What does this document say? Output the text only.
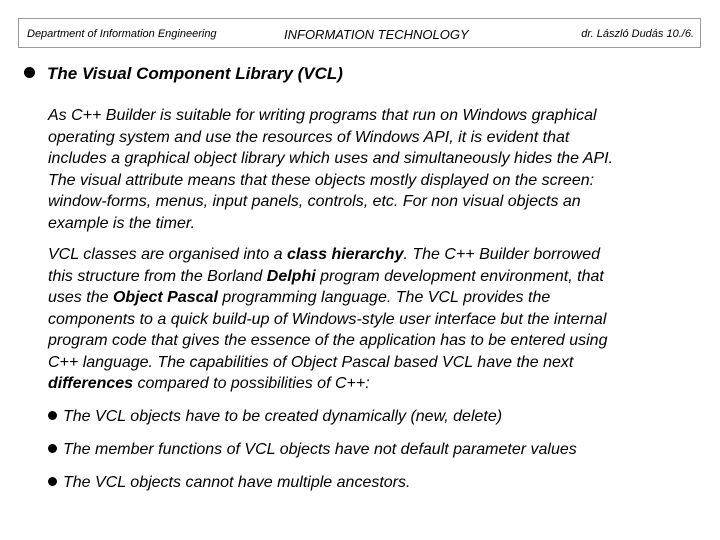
Department of Information Engineering	INFORMATION TECHNOLOGY	dr. László Dudás 10./6.
The Visual Component Library (VCL)
As C++ Builder is suitable for writing programs that run on Windows graphical
operating system and use the resources of Windows API, it is evident that
includes a graphical object library which uses and simultaneously hides the API.
The visual attribute means that these objects mostly displayed on the screen:
window-forms, menus, input panels, controls, etc. For non visual objects an
example is the timer.
VCL classes are organised into a class hierarchy. The C++ Builder borrowed
this structure from the Borland Delphi program development environment, that
uses the Object Pascal programming language. The VCL provides the
components to a quick build-up of Windows-style user interface but the internal
program code that gives the essence of the application has to be entered using
C++ language. The capabilities of Object Pascal based VCL have the next
differences compared to possibilities of C++:
The VCL objects have to be created dynamically (new, delete)
The member functions of VCL objects have not default parameter values
The VCL objects cannot have multiple ancestors.
